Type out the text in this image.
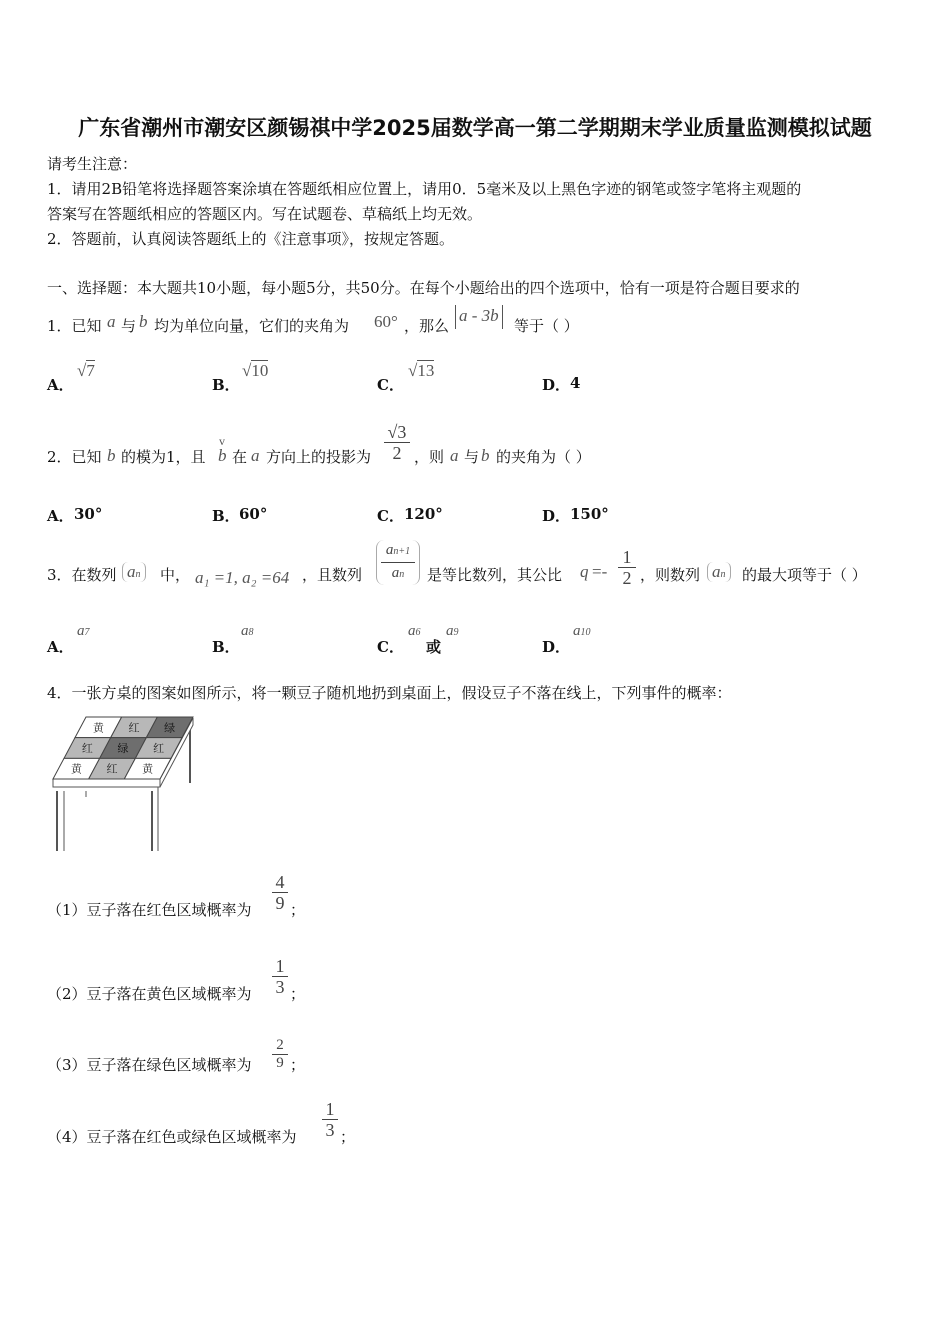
广东省潮州市潮安区颜锡祺中学2025届数学高一第二学期期末学业质量监测模拟试题
请考生注意：
1．请用2B铅笔将选择题答案涂填在答题纸相应位置上，请用0．5毫米及以上黑色字迹的钢笔或签字笔将主观题的
答案写在答题纸相应的答题区内。写在试题卷、草稿纸上均无效。
2．答题前，认真阅读答题纸上的《注意事项》，按规定答题。
一、选择题：本大题共10小题，每小题5分，共50分。在每个小题给出的四个选项中，恰有一项是符合题目要求的
1．已知 a 与 b 均为单位向量，它们的夹角为 60° ，那么
a - 3b
等于（ ）
A．
√7
B．
√10
C．
√13
D． 4
2．已知 b 的模为1，且
v
b 在 a 方向上的投影为
√3
2 ，则 a 与 b 的夹角为（ ）
A． 30°	B． 60°	C． 120°	D． 150°
3．在数列 an	中， a₁ =1, a₂ =64 ，且数列
an+1
an	是等比数列，其公比 q =-
1
2 ，则数列 an	的最大项等于（ ）
A．
a7
B．
a8
C．
a6
或
a9
D．
a10
4．一张方桌的图案如图所示，将一颗豆子随机地扔到桌面上，假设豆子不落在线上，下列事件的概率：
黄 红 绿
红 绿 红
黄 红 黄
（1）豆子落在红色区域概率为
4
9 ；
（2）豆子落在黄色区域概率为
1
3 ；
（3）豆子落在绿色区域概率为
2
9 ；
（4）豆子落在红色或绿色区域概率为
1
3 ；
